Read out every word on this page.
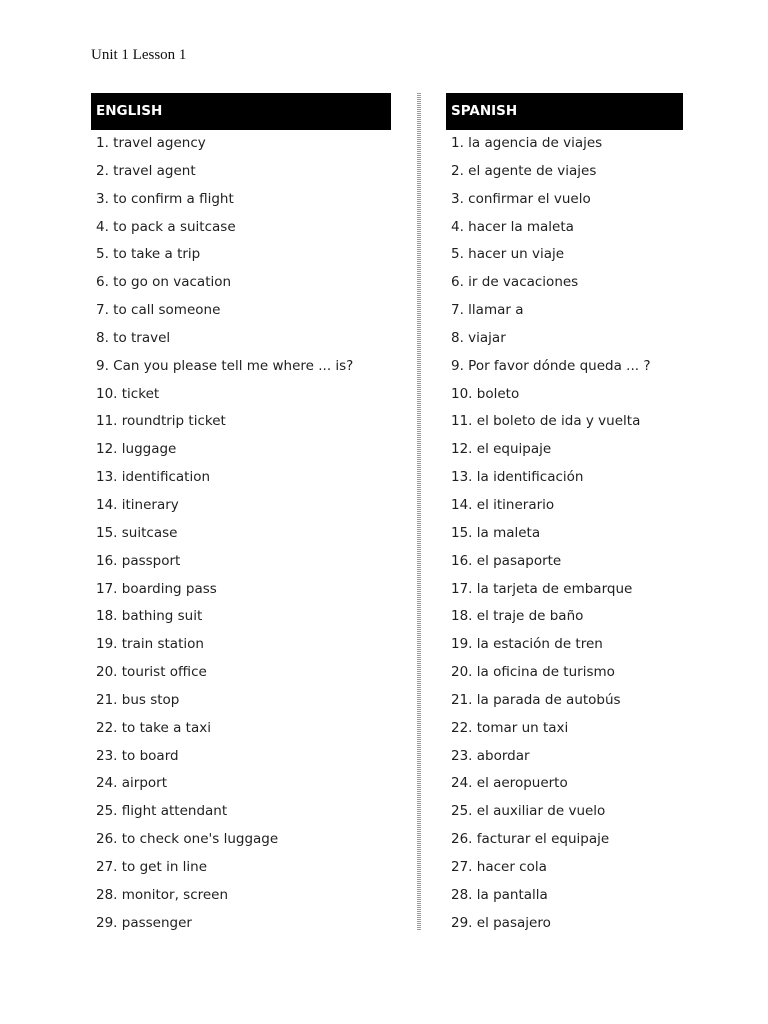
Unit 1 Lesson 1
ENGLISH
1. travel agency
2. travel agent
3. to confirm a flight
4. to pack a suitcase
5. to take a trip
6. to go on vacation
7. to call someone
8. to travel
9. Can you please tell me where ... is?
10. ticket
11. roundtrip ticket
12. luggage
13. identification
14. itinerary
15. suitcase
16. passport
17. boarding pass
18. bathing suit
19. train station
20. tourist office
21. bus stop
22. to take a taxi
23. to board
24. airport
25. flight attendant
26. to check one's luggage
27. to get in line
28. monitor, screen
29. passenger
SPANISH
1. la agencia de viajes
2. el agente de viajes
3. confirmar el vuelo
4. hacer la maleta
5. hacer un viaje
6. ir de vacaciones
7. llamar a
8. viajar
9. Por favor dónde queda ... ?
10. boleto
11. el boleto de ida y vuelta
12. el equipaje
13. la identificación
14. el itinerario
15. la maleta
16. el pasaporte
17. la tarjeta de embarque
18. el traje de baño
19. la estación de tren
20. la oficina de turismo
21. la parada de autobús
22. tomar un taxi
23. abordar
24. el aeropuerto
25. el auxiliar de vuelo
26. facturar el equipaje
27. hacer cola
28. la pantalla
29. el pasajero
